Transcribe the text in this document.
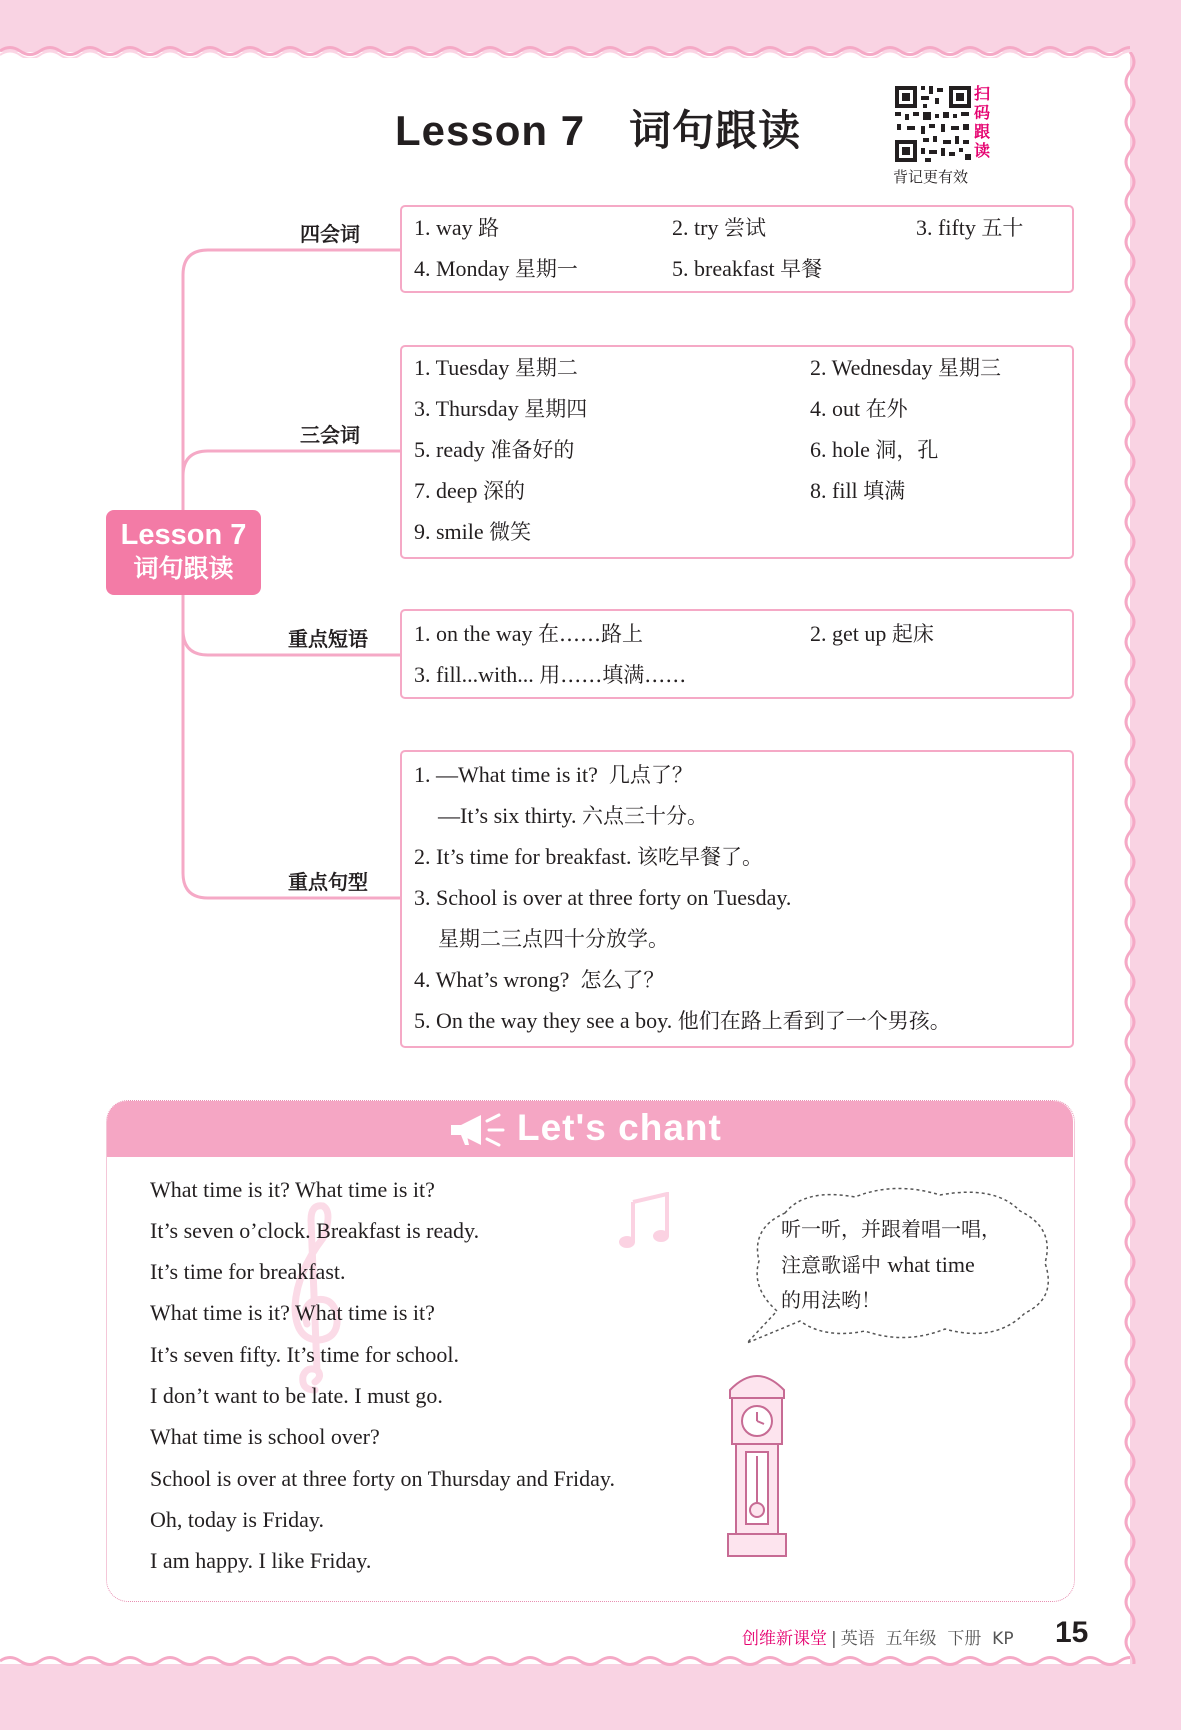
Lesson 7 词句跟读
扫
码
跟
读
背记更有效
Lesson 7
词句跟读
四会词
三会词
重点短语
重点句型
1. way 路	2. try 尝试	3. fifty 五十
4. Monday 星期一	5. breakfast 早餐
1. Tuesday 星期二	2. Wednesday 星期三
3. Thursday 星期四	4. out 在外
5. ready 准备好的	6. hole 洞，孔
7. deep 深的	8. fill 填满
9. smile 微笑
1. on the way 在……路上	2. get up 起床
3. fill...with... 用……填满……
1. —What time is it? 几点了？
—It’s six thirty. 六点三十分。
2. It’s time for breakfast. 该吃早餐了。
3. School is over at three forty on Tuesday.
星期二三点四十分放学。
4. What’s wrong? 怎么了？
5. On the way they see a boy. 他们在路上看到了一个男孩。
Let's chant
What time is it? What time is it?
It’s seven o’clock. Breakfast is ready.
It’s time for breakfast.
What time is it? What time is it?
It’s seven fifty. It’s time for school.
I don’t want to be late. I must go.
What time is school over?
School is over at three forty on Thursday and Friday.
Oh, today is Friday.
I am happy. I like Friday.
听一听，并跟着唱一唱，
注意歌谣中 what time
的用法哟！
创维新课堂 | 英语 五年级 下册 KP 15
